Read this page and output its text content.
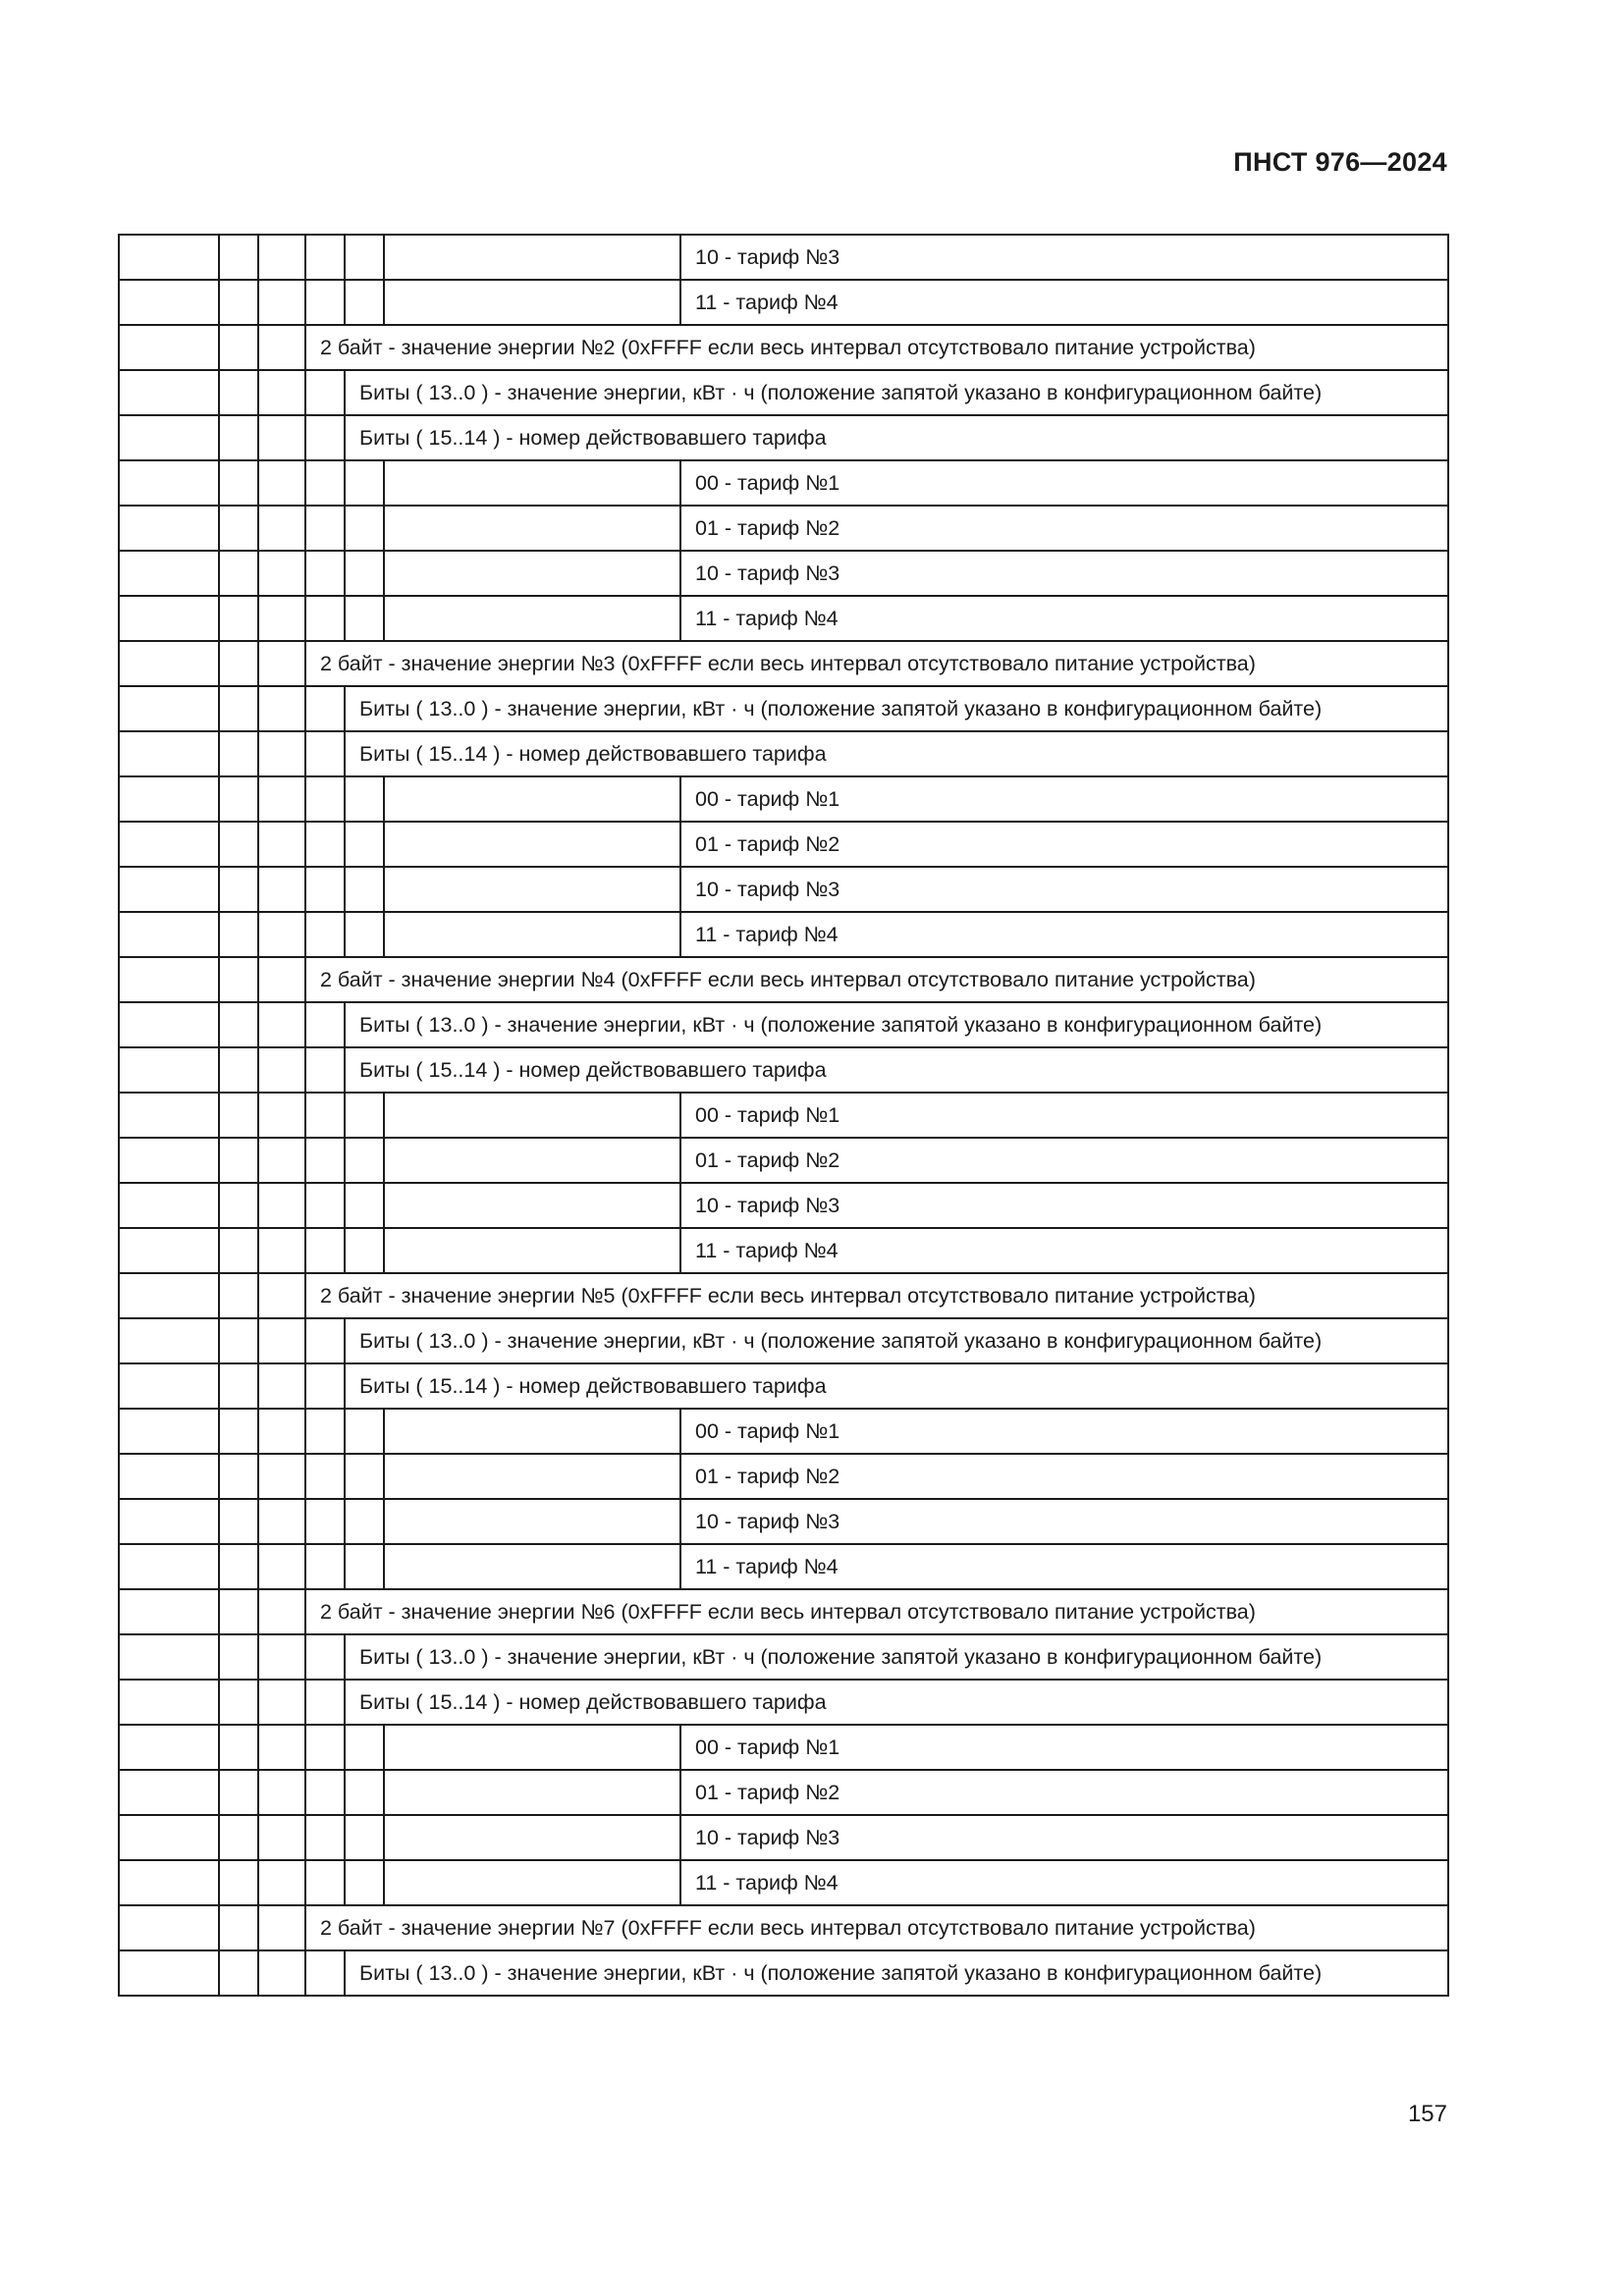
ПНСТ 976—2024
						10 - тариф №3
						11 - тариф №4
			2 байт - значение энергии №2 (0xFFFF если весь интервал отсутствовало питание устройства)			
				Биты ( 13..0 ) - значение энергии, кВт · ч (положение запятой указано в конфигурационном байте)		
				Биты ( 15..14 ) - номер действовавшего тарифа		
						00 - тариф №1
						01 - тариф №2
						10 - тариф №3
						11 - тариф №4
			2 байт - значение энергии №3 (0xFFFF если весь интервал отсутствовало питание устройства)			
				Биты ( 13..0 ) - значение энергии, кВт · ч (положение запятой указано в конфигурационном байте)		
				Биты ( 15..14 ) - номер действовавшего тарифа		
						00 - тариф №1
						01 - тариф №2
						10 - тариф №3
						11 - тариф №4
			2 байт - значение энергии №4 (0xFFFF если весь интервал отсутствовало питание устройства)			
				Биты ( 13..0 ) - значение энергии, кВт · ч (положение запятой указано в конфигурационном байте)		
				Биты ( 15..14 ) - номер действовавшего тарифа		
						00 - тариф №1
						01 - тариф №2
						10 - тариф №3
						11 - тариф №4
			2 байт - значение энергии №5 (0xFFFF если весь интервал отсутствовало питание устройства)			
				Биты ( 13..0 ) - значение энергии, кВт · ч (положение запятой указано в конфигурационном байте)		
				Биты ( 15..14 ) - номер действовавшего тарифа		
						00 - тариф №1
						01 - тариф №2
						10 - тариф №3
						11 - тариф №4
			2 байт - значение энергии №6 (0xFFFF если весь интервал отсутствовало питание устройства)			
				Биты ( 13..0 ) - значение энергии, кВт · ч (положение запятой указано в конфигурационном байте)		
				Биты ( 15..14 ) - номер действовавшего тарифа		
						00 - тариф №1
						01 - тариф №2
						10 - тариф №3
						11 - тариф №4
			2 байт - значение энергии №7 (0xFFFF если весь интервал отсутствовало питание устройства)			
				Биты ( 13..0 ) - значение энергии, кВт · ч (положение запятой указано в конфигурационном байте)		
157
